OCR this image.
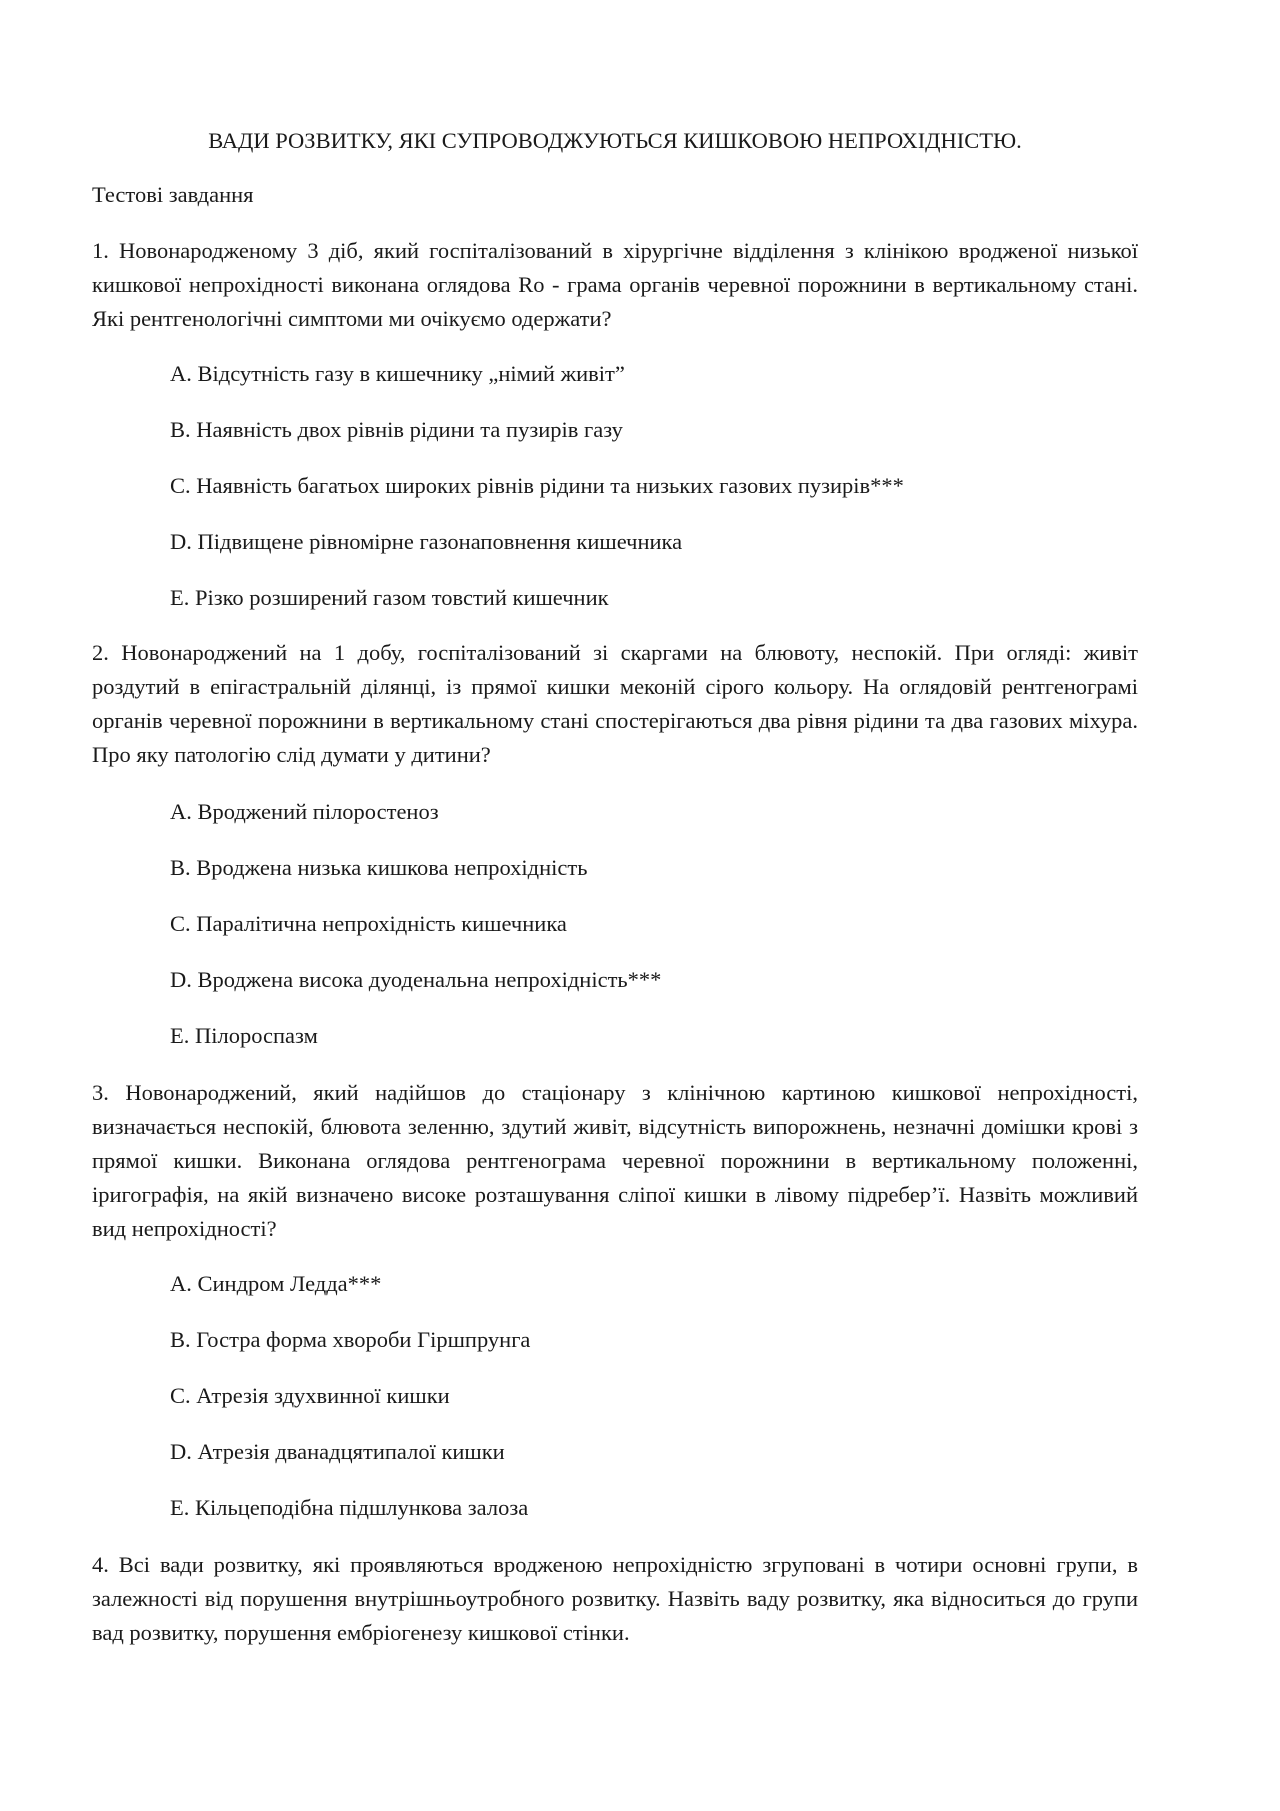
ВАДИ РОЗВИТКУ, ЯКІ СУПРОВОДЖУЮТЬСЯ КИШКОВОЮ НЕПРОХІДНІСТЮ.

Тестові завдання

1. Новонародженому 3 діб, який госпіталізований в хірургічне відділення з клінікою вродженої низької кишкової непрохідності виконана оглядова Ro - грама органів черевної порожнини в вертикальному стані. Які рентгенологічні симптоми ми очікуємо одержати?

A. Відсутність газу в кишечнику „німий живіт”
B. Наявність двох рівнів рідини та пузирів газу
C. Наявність багатьох широких рівнів рідини та низьких газових пузирів***
D. Підвищене рівномірне газонаповнення кишечника
E. Різко розширений газом товстий кишечник

2. Новонароджений на 1 добу, госпіталізований зі скаргами на блювоту, неспокій. При огляді: живіт роздутий в епігастральній ділянці, із прямої кишки меконій сірого кольору. На оглядовій рентгенограмі органів черевної порожнини в вертикальному стані спостерігаються два рівня рідини та два газових міхура. Про яку патологію слід думати у дитини?

A. Вроджений пілоростеноз
B. Вроджена низька кишкова непрохідність
C. Паралітична непрохідність кишечника
D. Вроджена висока дуоденальна непрохідність***
E. Пілороспазм

3. Новонароджений, який надійшов до стаціонару з клінічною картиною кишкової непрохідності, визначається неспокій, блювота зеленню, здутий живіт, відсутність випорожнень, незначні домішки крові з прямої кишки. Виконана оглядова рентгенограма черевної порожнини в вертикальному положенні, іригографія, на якій визначено високе розташування сліпої кишки в лівому підребер’ї. Назвіть можливий вид непрохідності?

A. Синдром Ледда***
B. Гостра форма хвороби Гіршпрунга
C. Атрезія здухвинної кишки
D. Атрезія дванадцятипалої кишки
E. Кільцеподібна підшлункова залоза

4. Всі вади розвитку, які проявляються вродженою непрохідністю згруповані в чотири основні групи, в залежності від порушення внутрішньоутробного розвитку. Назвіть ваду розвитку, яка відноситься до групи вад розвитку, порушення ембріогенезу кишкової стінки.
